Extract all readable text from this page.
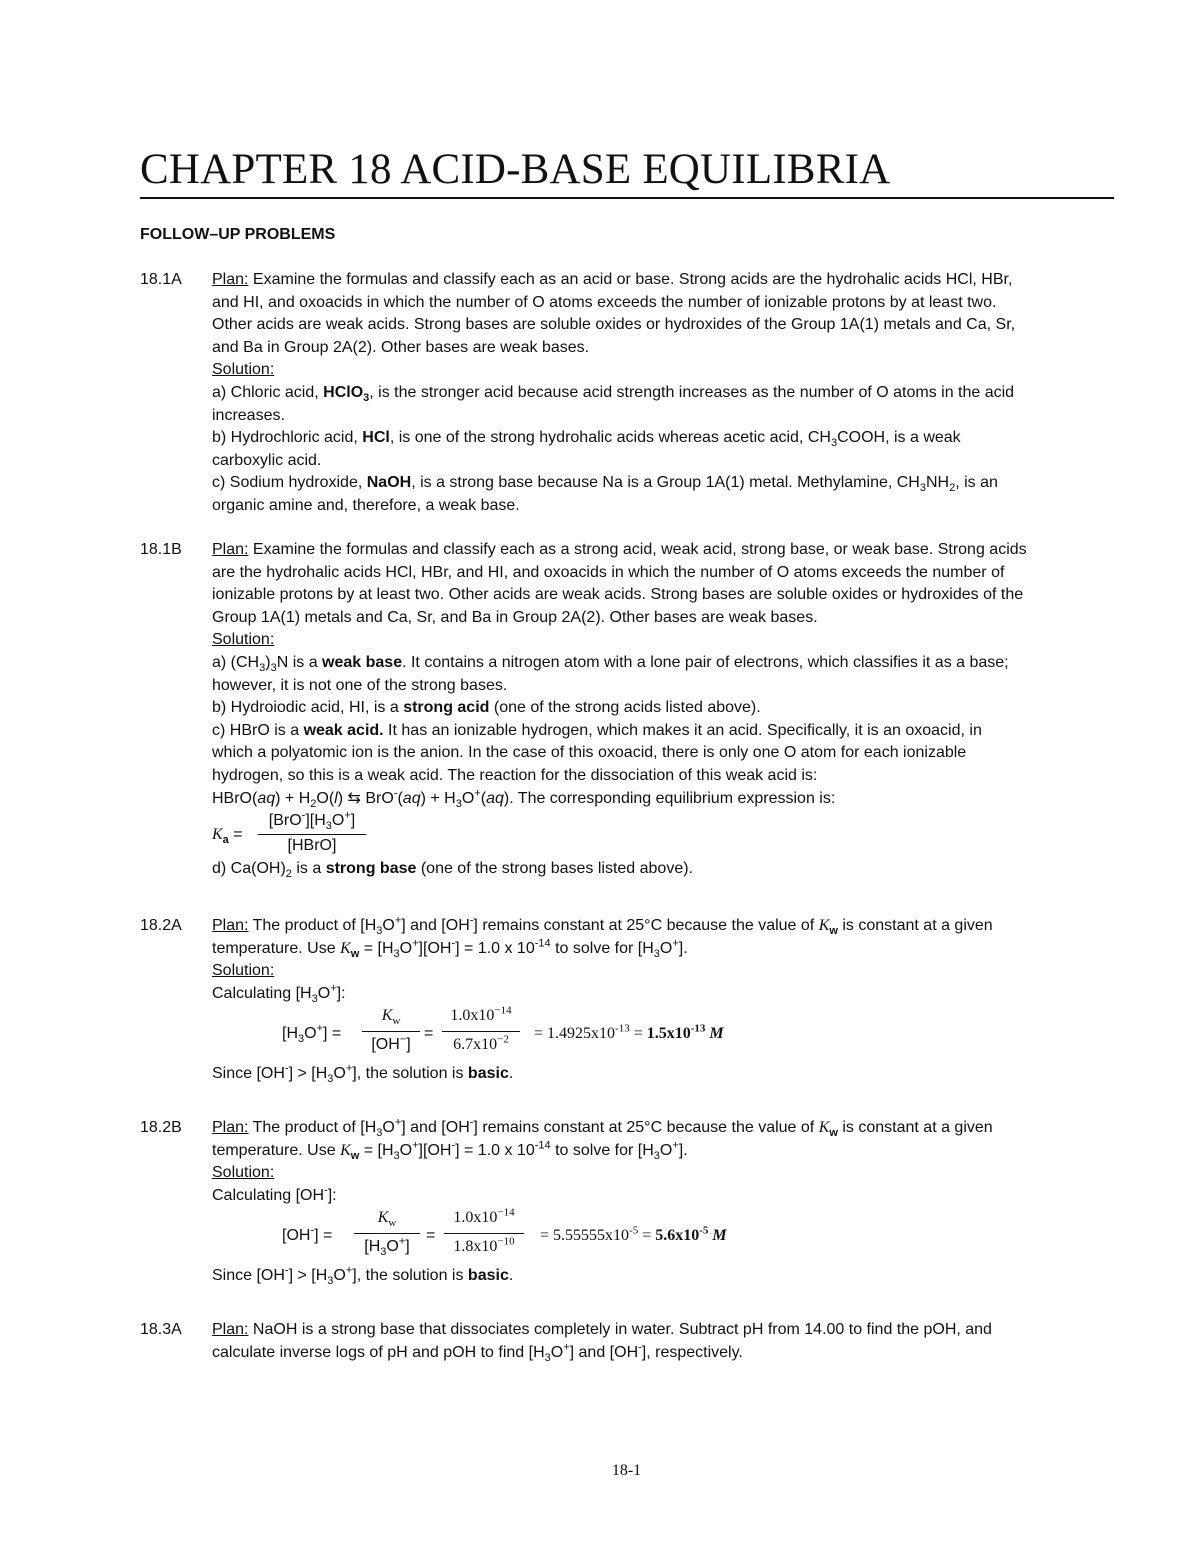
CHAPTER 18 ACID-BASE EQUILIBRIA
FOLLOW–UP PROBLEMS
18.1A Plan: Examine the formulas and classify each as an acid or base. Strong acids are the hydrohalic acids HCl, HBr,
and HI, and oxoacids in which the number of O atoms exceeds the number of ionizable protons by at least two.
Other acids are weak acids. Strong bases are soluble oxides or hydroxides of the Group 1A(1) metals and Ca, Sr,
and Ba in Group 2A(2). Other bases are weak bases.
Solution:
a) Chloric acid, HClO$_3$, is the stronger acid because acid strength increases as the number of O atoms in the acid
increases.
b) Hydrochloric acid, HCl, is one of the strong hydrohalic acids whereas acetic acid, $CH_3COOH$, is a weak
carboxylic acid.
c) Sodium hydroxide, NaOH, is a strong base because Na is a Group 1A(1) metal. Methylamine, $CH_3NH_2$, is an
organic amine and, therefore, a weak base.
18.1B Plan: Examine the formulas and classify each as a strong acid, weak acid, strong base, or weak base. Strong acids
are the hydrohalic acids HCl, HBr, and HI, and oxoacids in which the number of O atoms exceeds the number of
ionizable protons by at least two. Other acids are weak acids. Strong bases are soluble oxides or hydroxides of the
Group 1A(1) metals and Ca, Sr, and Ba in Group 2A(2). Other bases are weak bases.
Solution:
a) $(CH_3)_3N$ is a weak base. It contains a nitrogen atom with a lone pair of electrons, which classifies it as a base;
however, it is not one of the strong bases.
b) Hydroiodic acid, HI, is a strong acid (one of the strong acids listed above).
c) HBrO is a weak acid. It has an ionizable hydrogen, which makes it an acid. Specifically, it is an oxoacid, in
which a polyatomic ion is the anion. In the case of this oxoacid, there is only one O atom for each ionizable
hydrogen, so this is a weak acid. The reaction for the dissociation of this weak acid is:
HBrO(aq) + $H_2O(l)$ ⇆ $BrO^-(aq) + H_3O^+(aq)$. The corresponding equilibrium expression is:
$K_a$ =
$[BrO^-][H_3O^+]$
[HBrO]
d) $Ca(OH)_2$ is a strong base (one of the strong bases listed above).
18.2A Plan: The product of $[H_3O^+]$ and [OH-] remains constant at 25°C because the value of $K_w$ is constant at a given
temperature. Use $K_w = [H_3O^+][OH^-] = 1.0$ x $10^{-14}$ to solve for $[H_3O^+]$.
Solution:
Calculating $[H_3O^+]$:
$[H_3O^+] = \frac{K_w}{[OH^-]} = \frac{1.0x10^{-14}}{6.7x10^{-2}} = 1.4925x10^{-13} = 1.5x10^{-13}$ M
Since $[OH^-] > [H_3O^+]$, the solution is basic.
18.2B Plan: The product of $[H_3O^+]$ and [OH-] remains constant at 25°C because the value of $K_w$ is constant at a given
temperature. Use $K_w = [H_3O^+][OH^-] = 1.0$ x $10^{-14}$ to solve for $[H_3O^+]$.
Solution:
Calculating [OH-]:
$[OH^-] = \frac{K_w}{[H_3O^+]} = \frac{1.0x10^{-14}}{1.8x10^{-10}} = 5.55555x10^{-5} = 5.6x10^{-5}$ M
Since $[OH^-] > [H_3O^+]$, the solution is basic.
18.3A Plan: NaOH is a strong base that dissociates completely in water. Subtract pH from 14.00 to find the pOH, and
calculate inverse logs of pH and pOH to find $[H_3O^+]$ and [OH-], respectively.
18-1
